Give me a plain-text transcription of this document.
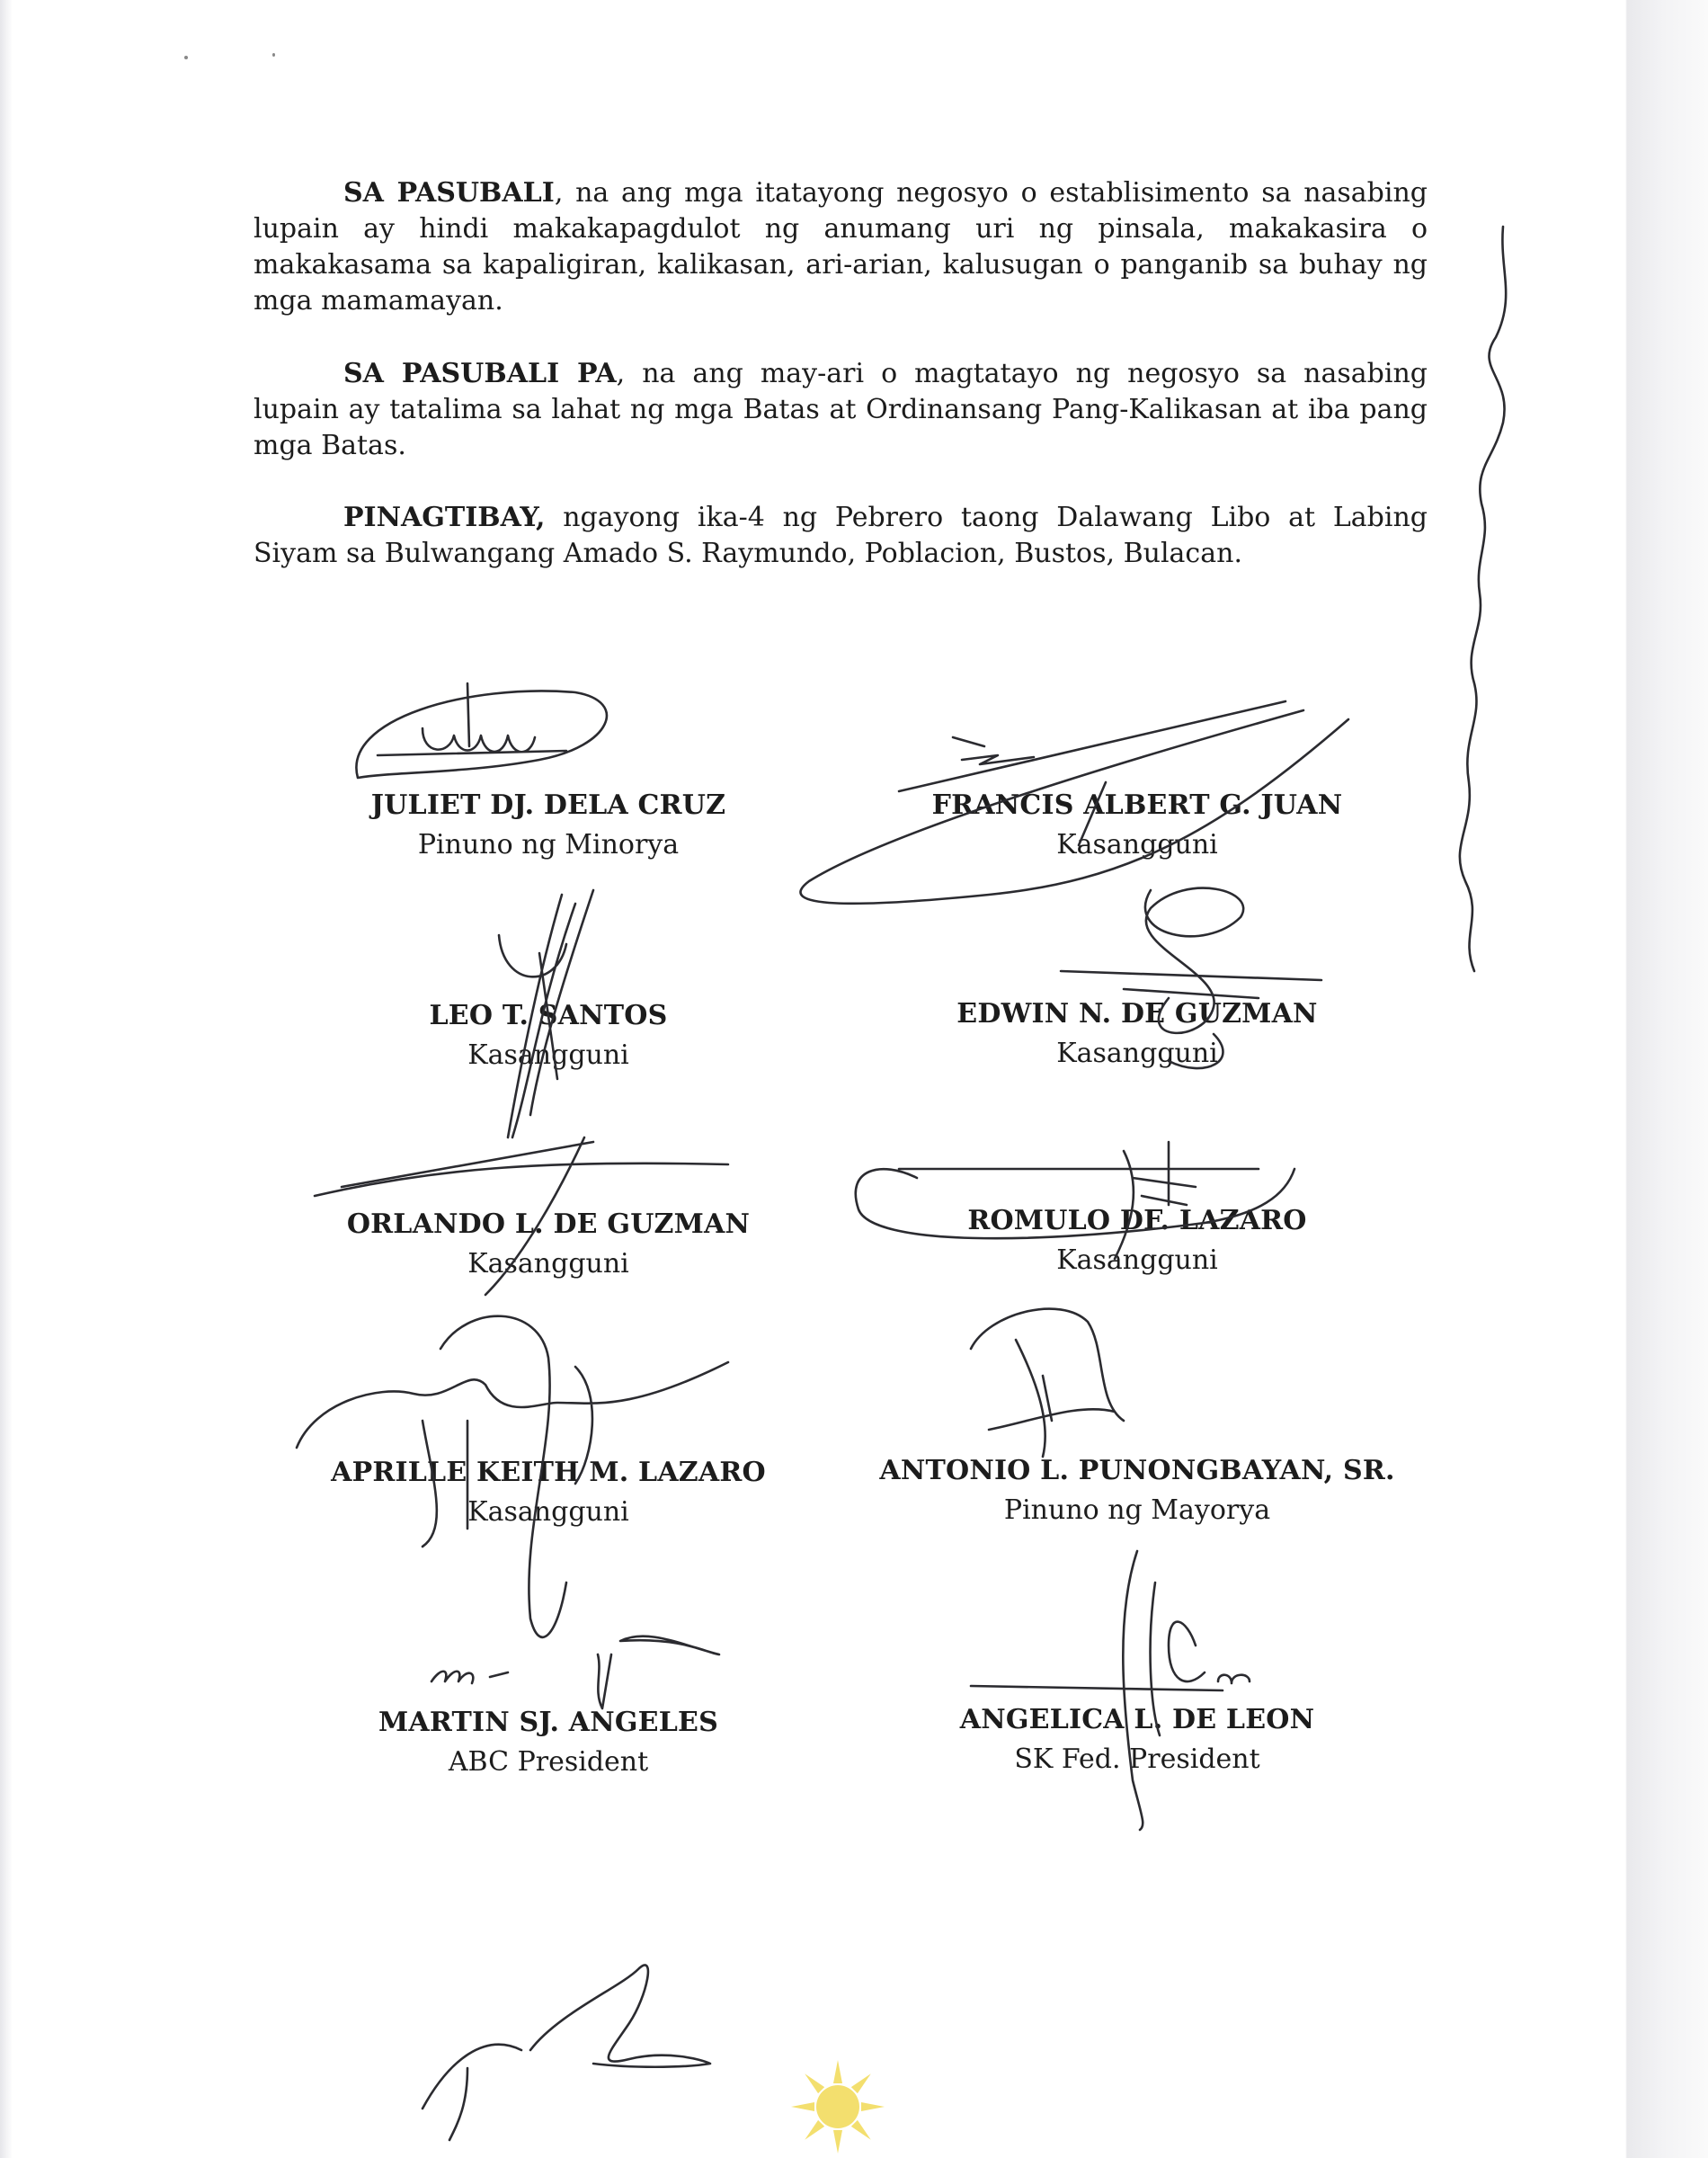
SA PASUBALI, na ang mga itatayong negosyo o establisimento sa nasabing lupain ay hindi makakapagdulot ng anumang uri ng pinsala, makakasira o makakasama sa kapaligiran, kalikasan, ari-arian, kalusugan o panganib sa buhay ng mga mamamayan.

SA PASUBALI PA, na ang may-ari o magtatayo ng negosyo sa nasabing lupain ay tatalima sa lahat ng mga Batas at Ordinansang Pang-Kalikasan at iba pang mga Batas.

PINAGTIBAY, ngayong ika-4 ng Pebrero taong Dalawang Libo at Labing Siyam sa Bulwangang Amado S. Raymundo, Poblacion, Bustos, Bulacan.

JULIET DJ. DELA CRUZ
Pinuno ng Minorya
FRANCIS ALBERT G. JUAN
Kasangguni
LEO T. SANTOS
Kasangguni
EDWIN N. DE GUZMAN
Kasangguni
ORLANDO L. DE GUZMAN
Kasangguni
ROMULO DF. LAZARO
Kasangguni
APRILLE KEITH M. LAZARO
Kasangguni
ANTONIO L. PUNONGBAYAN, SR.
Pinuno ng Mayorya
MARTIN SJ. ANGELES
ABC President
ANGELICA L. DE LEON
SK Fed. President
